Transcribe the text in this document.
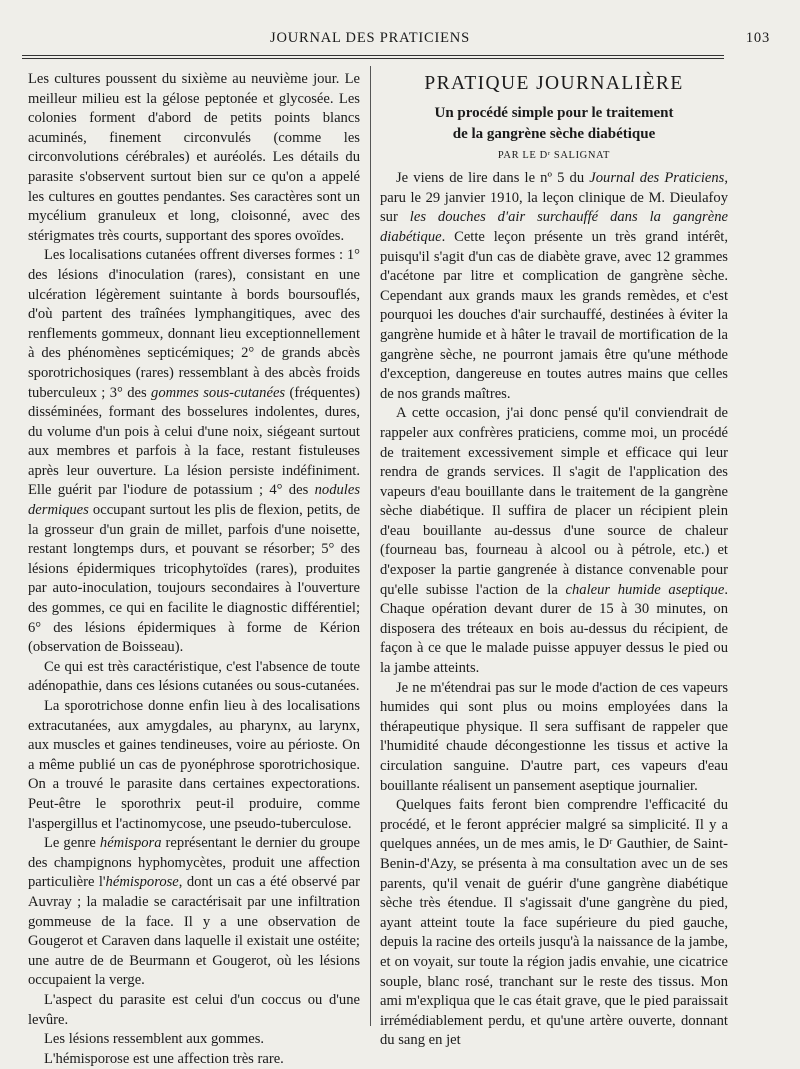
JOURNAL DES PRATICIENS	103

Les cultures poussent du sixième au neuvième jour. Le meilleur milieu est la gélose peptonée et glycosée. Les colonies forment d'abord de petits points blancs acuminés, finement circonvulés (comme les circonvolutions cérébrales) et auréolés. Les détails du parasite s'observent surtout bien sur ce qu'on a appelé les cultures en gouttes pendantes. Ses caractères sont un mycélium granuleux et long, cloisonné, avec des stérigmates très courts, supportant des spores ovoïdes.

Les localisations cutanées offrent diverses formes : 1° des lésions d'inoculation (rares), consistant en une ulcération légèrement suintante à bords boursouflés, d'où partent des traînées lymphangitiques, avec des renflements gommeux, donnant lieu exceptionnellement à des phénomènes septicémiques; 2° de grands abcès sporotrichosiques (rares) ressemblant à des abcès froids tuberculeux ; 3° des gommes sous-cutanées (fréquentes) disséminées, formant des bosselures indolentes, dures, du volume d'un pois à celui d'une noix, siégeant surtout aux membres et parfois à la face, restant fistuleuses après leur ouverture. La lésion persiste indéfiniment. Elle guérit par l'iodure de potassium ; 4° des nodules dermiques occupant surtout les plis de flexion, petits, de la grosseur d'un grain de millet, parfois d'une noisette, restant longtemps durs, et pouvant se résorber; 5° des lésions épidermiques tricophytoïdes (rares), produites par auto-inoculation, toujours secondaires à l'ouverture des gommes, ce qui en facilite le diagnostic différentiel; 6° des lésions épidermiques à forme de Kérion (observation de Boisseau).

Ce qui est très caractéristique, c'est l'absence de toute adénopathie, dans ces lésions cutanées ou sous-cutanées.

La sporotrichose donne enfin lieu à des localisations extracutanées, aux amygdales, au pharynx, au larynx, aux muscles et gaines tendineuses, voire au périoste. On a même publié un cas de pyonéphrose sporotrichosique. On a trouvé le parasite dans certaines expectorations. Peut-être le sporothrix peut-il produire, comme l'aspergillus et l'actinomycose, une pseudo-tuberculose.

Le genre hémispora représentant le dernier du groupe des champignons hyphomycètes, produit une affection particulière l'hémisporose, dont un cas a été observé par Auvray ; la maladie se caractérisait par une infiltration gommeuse de la face. Il y a une observation de Gougerot et Caraven dans laquelle il existait une ostéite; une autre de de Beurmann et Gougerot, où les lésions occupaient la verge.

L'aspect du parasite est celui d'un coccus ou d'une levûre.

Les lésions ressemblent aux gommes.

L'hémisporose est une affection très rare.

PRATIQUE JOURNALIÈRE
Un procédé simple pour le traitement
de la gangrène sèche diabétique
PAR LE Dʳ SALIGNAT

Je viens de lire dans le nº 5 du Journal des Praticiens, paru le 29 janvier 1910, la leçon clinique de M. Dieulafoy sur les douches d'air surchauffé dans la gangrène diabétique. Cette leçon présente un très grand intérêt, puisqu'il s'agit d'un cas de diabète grave, avec 12 grammes d'acétone par litre et complication de gangrène sèche. Cependant aux grands maux les grands remèdes, et c'est pourquoi les douches d'air surchauffé, destinées à éviter la gangrène humide et à hâter le travail de mortification de la gangrène sèche, ne pourront jamais être qu'une méthode d'exception, dangereuse en toutes autres mains que celles de nos grands maîtres.

A cette occasion, j'ai donc pensé qu'il conviendrait de rappeler aux confrères praticiens, comme moi, un procédé de traitement excessivement simple et efficace qui leur rendra de grands services. Il s'agit de l'application des vapeurs d'eau bouillante dans le traitement de la gangrène sèche diabétique. Il suffira de placer un récipient plein d'eau bouillante au-dessus d'une source de chaleur (fourneau bas, fourneau à alcool ou à pétrole, etc.) et d'exposer la partie gangrenée à distance convenable pour qu'elle subisse l'action de la chaleur humide aseptique. Chaque opération devant durer de 15 à 30 minutes, on disposera des tréteaux en bois au-dessus du récipient, de façon à ce que le malade puisse appuyer dessus le pied ou la jambe atteints.

Je ne m'étendrai pas sur le mode d'action de ces vapeurs humides qui sont plus ou moins employées dans la thérapeutique physique. Il sera suffisant de rappeler que l'humidité chaude décongestionne les tissus et active la circulation sanguine. D'autre part, ces vapeurs d'eau bouillante réalisent un pansement aseptique journalier.

Quelques faits feront bien comprendre l'efficacité du procédé, et le feront apprécier malgré sa simplicité. Il y a quelques années, un de mes amis, le Dʳ Gauthier, de Saint-Benin-d'Azy, se présenta à ma consultation avec un de ses parents, qu'il venait de guérir d'une gangrène diabétique sèche très étendue. Il s'agissait d'une gangrène du pied, ayant atteint toute la face supérieure du pied gauche, depuis la racine des orteils jusqu'à la naissance de la jambe, et on voyait, sur toute la région jadis envahie, une cicatrice souple, blanc rosé, tranchant sur le reste des tissus. Mon ami m'expliqua que le cas était grave, que le pied paraissait irrémédiablement perdu, et qu'une artère ouverte, donnant du sang en jet
